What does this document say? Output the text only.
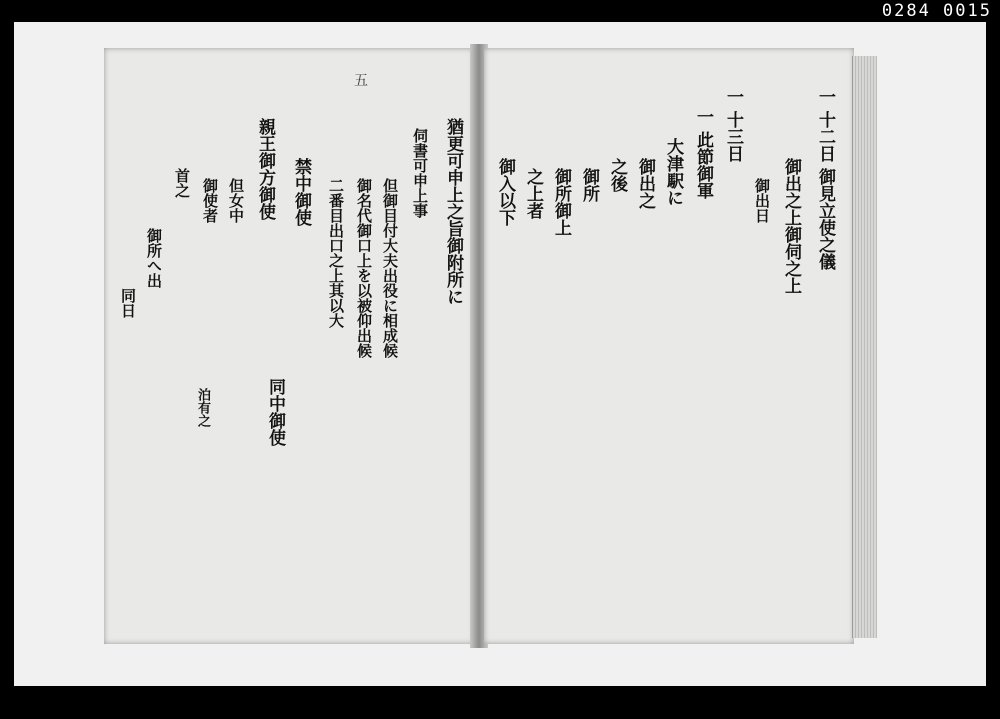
0284 0015
五
猶更可申上之旨御附所に
伺書可申上事
但御目付大夫出役に相成候
御名代御口上を以被仰出候
二番目出口之上其以大
禁中御使
親王御方御使
但女中
御使者
首之
御所へ出
同日
泊有之	同中御使
一 十二日 御見立使之儀
御出之上御伺之上
御出日
一 十三日
一 此節御軍
大津駅に
御出之
之後
御所
御所御上
之上者
御入以下
